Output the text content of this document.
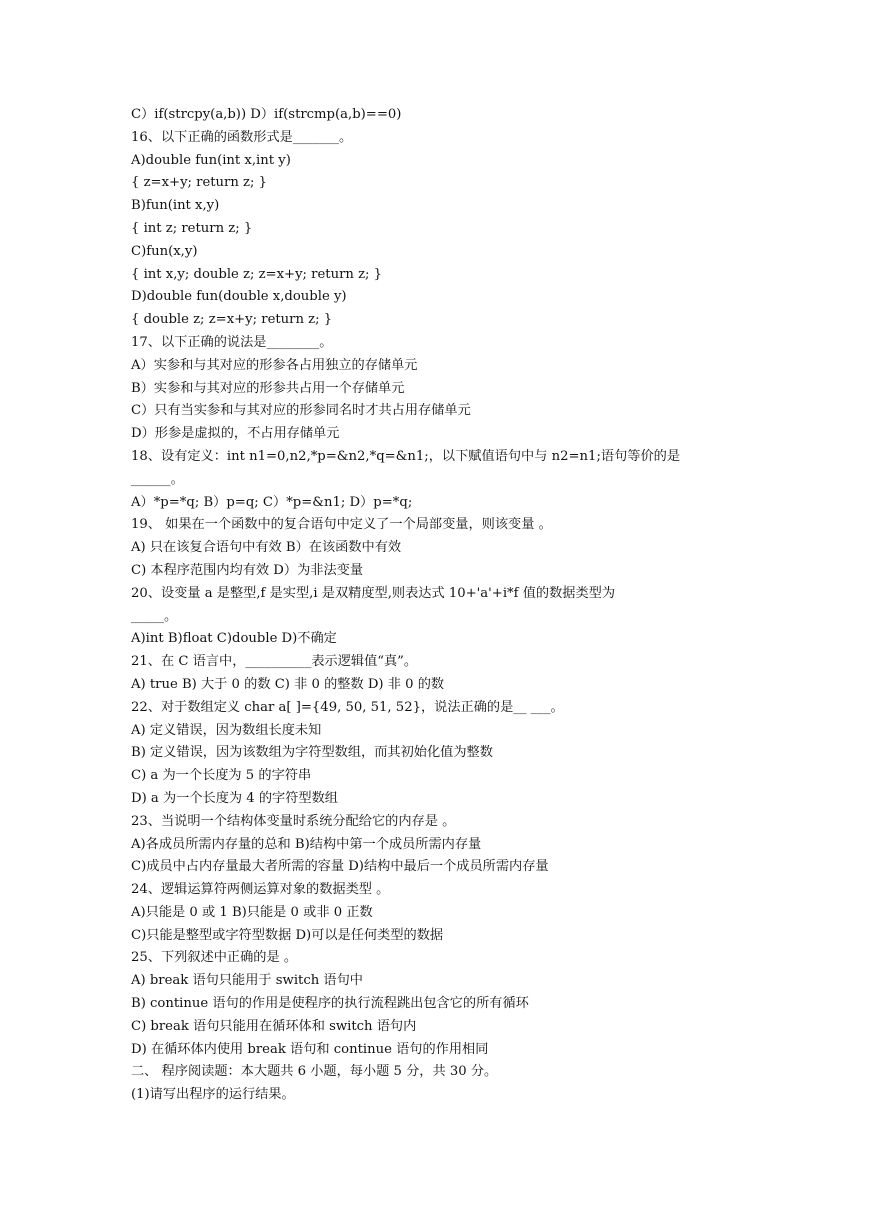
C）if(strcpy(a,b)) D）if(strcmp(a,b)==0)
16、以下正确的函数形式是_______。
A)double fun(int x,int y)
{ z=x+y; return z; }
B)fun(int x,y)
{ int z; return z; }
C)fun(x,y)
{ int x,y; double z; z=x+y; return z; }
D)double fun(double x,double y)
{ double z; z=x+y; return z; }
17、以下正确的说法是________。
A）实参和与其对应的形参各占用独立的存储单元
B）实参和与其对应的形参共占用一个存储单元
C）只有当实参和与其对应的形参同名时才共占用存储单元
D）形参是虚拟的，不占用存储单元
18、设有定义：int n1=0,n2,*p=&n2,*q=&n1;，以下赋值语句中与 n2=n1;语句等价的是
______。
A）*p=*q; B）p=q; C）*p=&n1; D）p=*q;
19、 如果在一个函数中的复合语句中定义了一个局部变量，则该变量 。
A) 只在该复合语句中有效 B）在该函数中有效
C) 本程序范围内均有效 D）为非法变量
20、设变量 a 是整型,f 是实型,i 是双精度型,则表达式 10+'a'+i*f 值的数据类型为
_____。
A)int B)float C)double D)不确定
21、在 C 语言中，__________表示逻辑值“真”。
A) true B) 大于 0 的数 C) 非 0 的整数 D) 非 0 的数
22、对于数组定义 char a[ ]={49, 50, 51, 52}，说法正确的是__ ___。
A) 定义错误，因为数组长度未知
B) 定义错误，因为该数组为字符型数组，而其初始化值为整数
C) a 为一个长度为 5 的字符串
D) a 为一个长度为 4 的字符型数组
23、当说明一个结构体变量时系统分配给它的内存是 。
A)各成员所需内存量的总和 B)结构中第一个成员所需内存量
C)成员中占内存量最大者所需的容量 D)结构中最后一个成员所需内存量
24、逻辑运算符两侧运算对象的数据类型 。
A)只能是 0 或 1 B)只能是 0 或非 0 正数
C)只能是整型或字符型数据 D)可以是任何类型的数据
25、下列叙述中正确的是 。
A) break 语句只能用于 switch 语句中
B) continue 语句的作用是使程序的执行流程跳出包含它的所有循环
C) break 语句只能用在循环体和 switch 语句内
D) 在循环体内使用 break 语句和 continue 语句的作用相同
二、 程序阅读题：本大题共 6 小题，每小题 5 分，共 30 分。
(1)请写出程序的运行结果。
